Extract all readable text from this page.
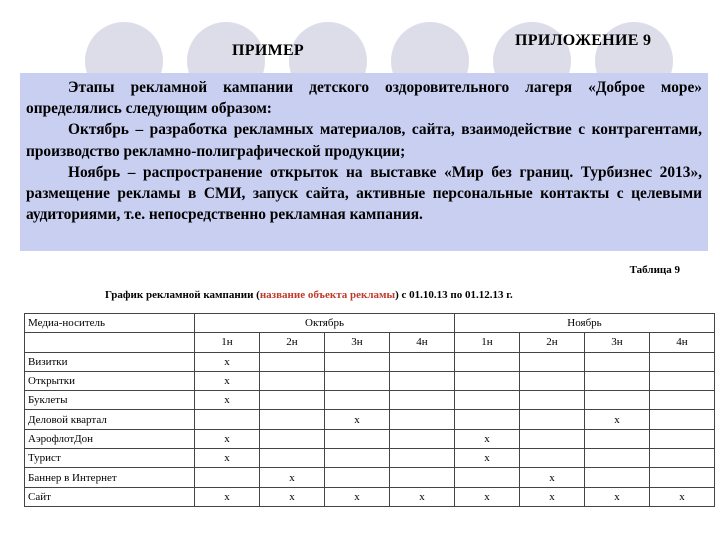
ПРИМЕР
ПРИЛОЖЕНИЕ 9

Этапы рекламной кампании детского оздоровительного лагеря «Доброе море» определялись следующим образом:

Октябрь – разработка рекламных материалов, сайта, взаимодействие с контрагентами, производство рекламно-полиграфической продукции;

Ноябрь – распространение открыток на выставке «Мир без границ. Турбизнес 2013», размещение рекламы в СМИ, запуск сайта, активные персональные контакты с целевыми аудиториями, т.е. непосредственно рекламная кампания.

Таблица 9
График рекламной кампании (название объекта рекламы) с 01.10.13 по 01.12.13 г.
Медиа-носитель	Октябрь				Ноябрь			
	1н	2н	3н	4н	1н	2н	3н	4н
Визитки	х							
Открытки	х							
Буклеты	х							
Деловой квартал			х				х	
АэрофлотДон	х				х			
Турист	х				х			
Баннер в Интернет		х				х		
Сайт	х	х	х	х	х	х	х	х
